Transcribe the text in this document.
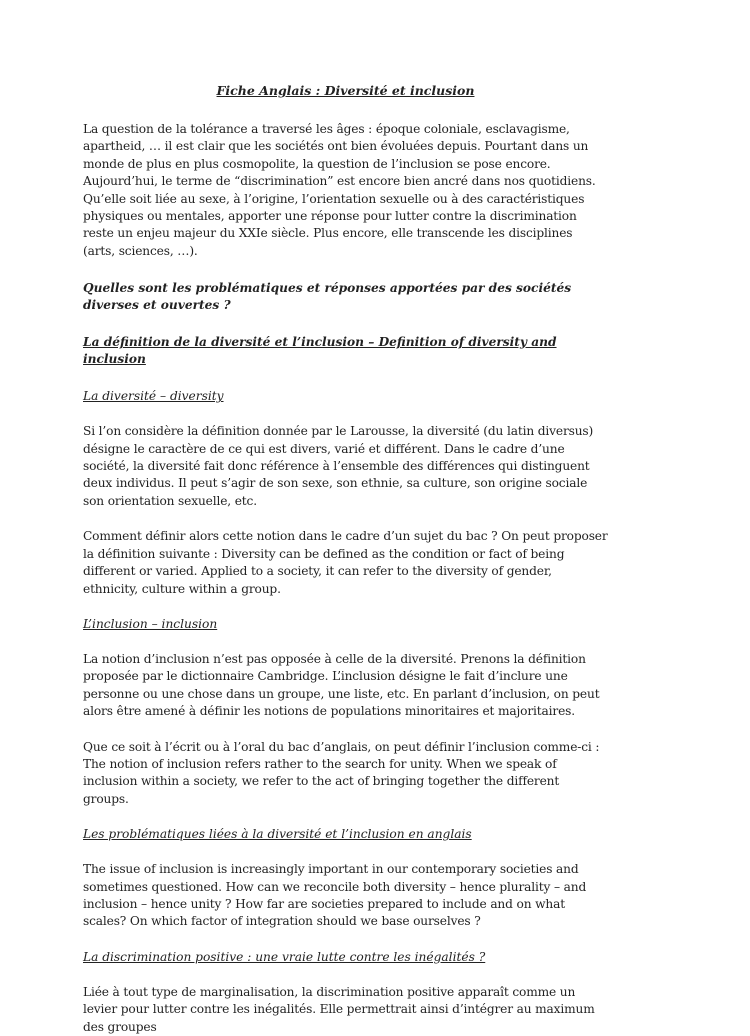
Fiche Anglais : Diversité et inclusion

La question de la tolérance a traversé les âges : époque coloniale, esclavagisme, apartheid, … il est clair que les sociétés ont bien évoluées depuis. Pourtant dans un monde de plus en plus cosmopolite, la question de l’inclusion se pose encore. Aujourd’hui, le terme de “discrimination” est encore bien ancré dans nos quotidiens. Qu’elle soit liée au sexe, à l’origine, l’orientation sexuelle ou à des caractéristiques physiques ou mentales, apporter une réponse pour lutter contre la discrimination reste un enjeu majeur du XXIe siècle. Plus encore, elle transcende les disciplines (arts, sciences, …).

Quelles sont les problématiques et réponses apportées par des sociétés diverses et ouvertes ?

La définition de la diversité et l’inclusion – Definition of diversity and inclusion

La diversité – diversity

Si l’on considère la définition donnée par le Larousse, la diversité (du latin diversus) désigne le caractère de ce qui est divers, varié et différent. Dans le cadre d’une société, la diversité fait donc référence à l’ensemble des différences qui distinguent deux individus. Il peut s’agir de son sexe, son ethnie, sa culture, son origine sociale son orientation sexuelle, etc.

Comment définir alors cette notion dans le cadre d’un sujet du bac ? On peut proposer la définition suivante : Diversity can be defined as the condition or fact of being different or varied. Applied to a society, it can refer to the diversity of gender, ethnicity, culture within a group.

L’inclusion – inclusion

La notion d’inclusion n’est pas opposée à celle de la diversité. Prenons la définition proposée par le dictionnaire Cambridge. L’inclusion désigne le fait d’inclure une personne ou une chose dans un groupe, une liste, etc. En parlant d’inclusion, on peut alors être amené à définir les notions de populations minoritaires et majoritaires.

Que ce soit à l’écrit ou à l’oral du bac d’anglais, on peut définir l’inclusion comme-ci : The notion of inclusion refers rather to the search for unity. When we speak of inclusion within a society, we refer to the act of bringing together the different groups.

Les problématiques liées à la diversité et l’inclusion en anglais

The issue of inclusion is increasingly important in our contemporary societies and sometimes questioned. How can we reconcile both diversity – hence plurality – and inclusion – hence unity ? How far are societies prepared to include and on what scales? On which factor of integration should we base ourselves ?

La discrimination positive : une vraie lutte contre les inégalités ?

Liée à tout type de marginalisation, la discrimination positive apparaît comme un levier pour lutter contre les inégalités. Elle permettrait ainsi d’intégrer au maximum des groupes
